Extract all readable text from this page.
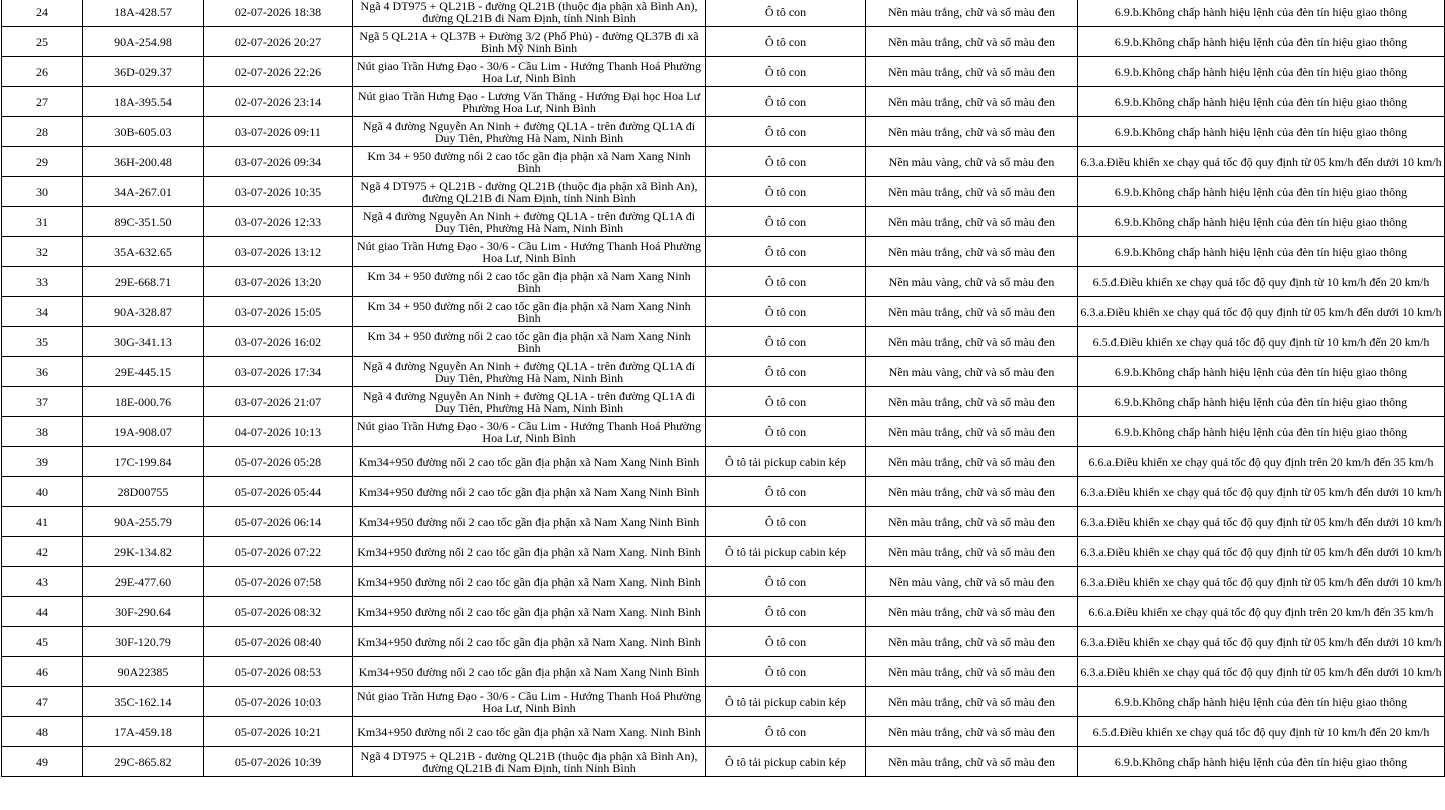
24	18A-428.57	02-07-2026 18:38	Ngã 4 DT975 + QL21B - đường QL21B (thuộc địa phận xã Bình An), đường QL21B đi Nam Định, tỉnh Ninh Bình	Ô tô con	Nền màu trắng, chữ và số màu đen	6.9.b.Không chấp hành hiệu lệnh của đèn tín hiệu giao thông
25	90A-254.98	02-07-2026 20:27	Ngã 5 QL21A + QL37B + Đường 3/2 (Phố Phủ) - đường QL37B đi xã Bình Mỹ Ninh Bình	Ô tô con	Nền màu trắng, chữ và số màu đen	6.9.b.Không chấp hành hiệu lệnh của đèn tín hiệu giao thông
26	36D-029.37	02-07-2026 22:26	Nút giao Trần Hưng Đạo - 30/6 - Cầu Lim - Hướng Thanh Hoá Phường Hoa Lư, Ninh Bình	Ô tô con	Nền màu trắng, chữ và số màu đen	6.9.b.Không chấp hành hiệu lệnh của đèn tín hiệu giao thông
27	18A-395.54	02-07-2026 23:14	Nút giao Trần Hưng Đạo - Lương Văn Thăng - Hướng Đại học Hoa Lư Phường Hoa Lư, Ninh Bình	Ô tô con	Nền màu trắng, chữ và số màu đen	6.9.b.Không chấp hành hiệu lệnh của đèn tín hiệu giao thông
28	30B-605.03	03-07-2026 09:11	Ngã 4 đường Nguyễn An Ninh + đường QL1A - trên đường QL1A đi Duy Tiên, Phường Hà Nam, Ninh Bình	Ô tô con	Nền màu trắng, chữ và số màu đen	6.9.b.Không chấp hành hiệu lệnh của đèn tín hiệu giao thông
29	36H-200.48	03-07-2026 09:34	Km 34 + 950 đường nối 2 cao tốc gần địa phận xã Nam Xang Ninh Bình	Ô tô con	Nền màu vàng, chữ và số màu đen	6.3.a.Điều khiển xe chạy quá tốc độ quy định từ 05 km/h đến dưới 10 km/h
30	34A-267.01	03-07-2026 10:35	Ngã 4 DT975 + QL21B - đường QL21B (thuộc địa phận xã Bình An), đường QL21B đi Nam Định, tỉnh Ninh Bình	Ô tô con	Nền màu trắng, chữ và số màu đen	6.9.b.Không chấp hành hiệu lệnh của đèn tín hiệu giao thông
31	89C-351.50	03-07-2026 12:33	Ngã 4 đường Nguyễn An Ninh + đường QL1A - trên đường QL1A đi Duy Tiên, Phường Hà Nam, Ninh Bình	Ô tô con	Nền màu trắng, chữ và số màu đen	6.9.b.Không chấp hành hiệu lệnh của đèn tín hiệu giao thông
32	35A-632.65	03-07-2026 13:12	Nút giao Trần Hưng Đạo - 30/6 - Cầu Lim - Hướng Thanh Hoá Phường Hoa Lư, Ninh Bình	Ô tô con	Nền màu trắng, chữ và số màu đen	6.9.b.Không chấp hành hiệu lệnh của đèn tín hiệu giao thông
33	29E-668.71	03-07-2026 13:20	Km 34 + 950 đường nối 2 cao tốc gần địa phận xã Nam Xang Ninh Bình	Ô tô con	Nền màu vàng, chữ và số màu đen	6.5.đ.Điều khiển xe chạy quá tốc độ quy định từ 10 km/h đến 20 km/h
34	90A-328.87	03-07-2026 15:05	Km 34 + 950 đường nối 2 cao tốc gần địa phận xã Nam Xang Ninh Bình	Ô tô con	Nền màu trắng, chữ và số màu đen	6.3.a.Điều khiển xe chạy quá tốc độ quy định từ 05 km/h đến dưới 10 km/h
35	30G-341.13	03-07-2026 16:02	Km 34 + 950 đường nối 2 cao tốc gần địa phận xã Nam Xang Ninh Bình	Ô tô con	Nền màu trắng, chữ và số màu đen	6.5.đ.Điều khiển xe chạy quá tốc độ quy định từ 10 km/h đến 20 km/h
36	29E-445.15	03-07-2026 17:34	Ngã 4 đường Nguyễn An Ninh + đường QL1A - trên đường QL1A đi Duy Tiên, Phường Hà Nam, Ninh Bình	Ô tô con	Nền màu vàng, chữ và số màu đen	6.9.b.Không chấp hành hiệu lệnh của đèn tín hiệu giao thông
37	18E-000.76	03-07-2026 21:07	Ngã 4 đường Nguyễn An Ninh + đường QL1A - trên đường QL1A đi Duy Tiên, Phường Hà Nam, Ninh Bình	Ô tô con	Nền màu trắng, chữ và số màu đen	6.9.b.Không chấp hành hiệu lệnh của đèn tín hiệu giao thông
38	19A-908.07	04-07-2026 10:13	Nút giao Trần Hưng Đạo - 30/6 - Cầu Lim - Hướng Thanh Hoá Phường Hoa Lư, Ninh Bình	Ô tô con	Nền màu trắng, chữ và số màu đen	6.9.b.Không chấp hành hiệu lệnh của đèn tín hiệu giao thông
39	17C-199.84	05-07-2026 05:28	Km34+950 đường nối 2 cao tốc gần địa phận xã Nam Xang Ninh Bình	Ô tô tải pickup cabin kép	Nền màu trắng, chữ và số màu đen	6.6.a.Điều khiển xe chạy quá tốc độ quy định trên 20 km/h đến 35 km/h
40	28D00755	05-07-2026 05:44	Km34+950 đường nối 2 cao tốc gần địa phận xã Nam Xang Ninh Bình	Ô tô con	Nền màu trắng, chữ và số màu đen	6.3.a.Điều khiển xe chạy quá tốc độ quy định từ 05 km/h đến dưới 10 km/h
41	90A-255.79	05-07-2026 06:14	Km34+950 đường nối 2 cao tốc gần địa phận xã Nam Xang Ninh Bình	Ô tô con	Nền màu trắng, chữ và số màu đen	6.3.a.Điều khiển xe chạy quá tốc độ quy định từ 05 km/h đến dưới 10 km/h
42	29K-134.82	05-07-2026 07:22	Km34+950 đường nối 2 cao tốc gần địa phận xã Nam Xang. Ninh Bình	Ô tô tải pickup cabin kép	Nền màu trắng, chữ và số màu đen	6.3.a.Điều khiển xe chạy quá tốc độ quy định từ 05 km/h đến dưới 10 km/h
43	29E-477.60	05-07-2026 07:58	Km34+950 đường nối 2 cao tốc gần địa phận xã Nam Xang. Ninh Bình	Ô tô con	Nền màu vàng, chữ và số màu đen	6.3.a.Điều khiển xe chạy quá tốc độ quy định từ 05 km/h đến dưới 10 km/h
44	30F-290.64	05-07-2026 08:32	Km34+950 đường nối 2 cao tốc gần địa phận xã Nam Xang. Ninh Bình	Ô tô con	Nền màu trắng, chữ và số màu đen	6.6.a.Điều khiển xe chạy quá tốc độ quy định trên 20 km/h đến 35 km/h
45	30F-120.79	05-07-2026 08:40	Km34+950 đường nối 2 cao tốc gần địa phận xã Nam Xang. Ninh Bình	Ô tô con	Nền màu trắng, chữ và số màu đen	6.3.a.Điều khiển xe chạy quá tốc độ quy định từ 05 km/h đến dưới 10 km/h
46	90A22385	05-07-2026 08:53	Km34+950 đường nối 2 cao tốc gần địa phận xã Nam Xang Ninh Bình	Ô tô con	Nền màu trắng, chữ và số màu đen	6.3.a.Điều khiển xe chạy quá tốc độ quy định từ 05 km/h đến dưới 10 km/h
47	35C-162.14	05-07-2026 10:03	Nút giao Trần Hưng Đạo - 30/6 - Cầu Lim - Hướng Thanh Hoá Phường Hoa Lư, Ninh Bình	Ô tô tải pickup cabin kép	Nền màu trắng, chữ và số màu đen	6.9.b.Không chấp hành hiệu lệnh của đèn tín hiệu giao thông
48	17A-459.18	05-07-2026 10:21	Km34+950 đường nối 2 cao tốc gần địa phận xã Nam Xang. Ninh Bình	Ô tô con	Nền màu trắng, chữ và số màu đen	6.5.đ.Điều khiển xe chạy quá tốc độ quy định từ 10 km/h đến 20 km/h
49	29C-865.82	05-07-2026 10:39	Ngã 4 DT975 + QL21B - đường QL21B (thuộc địa phận xã Bình An), đường QL21B đi Nam Định, tỉnh Ninh Bình	Ô tô tải pickup cabin kép	Nền màu trắng, chữ và số màu đen	6.9.b.Không chấp hành hiệu lệnh của đèn tín hiệu giao thông
